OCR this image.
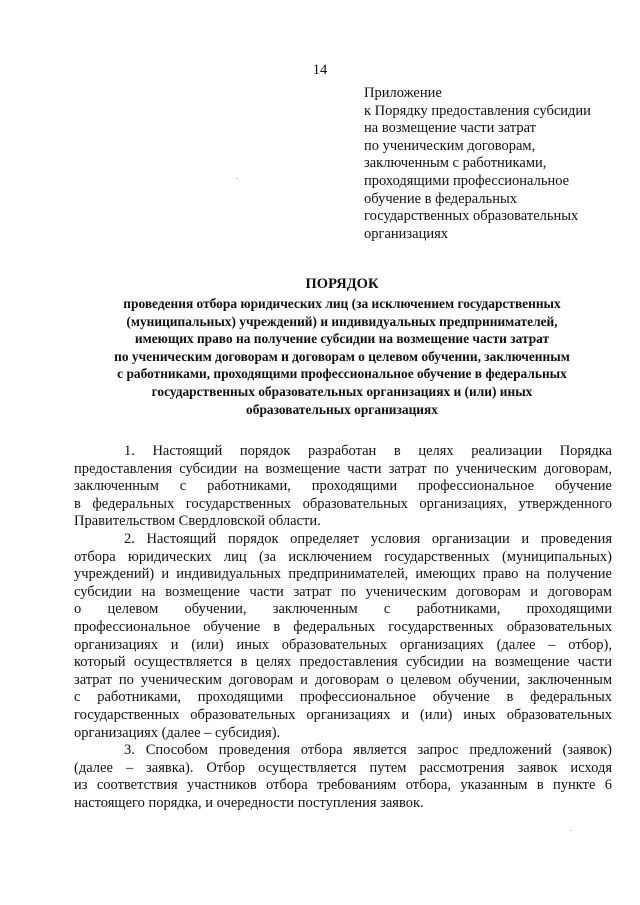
14
Приложение
к Порядку предоставления субсидии
на возмещение части затрат
по ученическим договорам,
заключенным с работниками,
проходящими профессиональное
обучение в федеральных
государственных образовательных
организациях
ПОРЯДОК
проведения отбора юридических лиц (за исключением государственных
(муниципальных) учреждений) и индивидуальных предпринимателей,
имеющих право на получение субсидии на возмещение части затрат
по ученическим договорам и договорам о целевом обучении, заключенным
с работниками, проходящими профессиональное обучение в федеральных
государственных образовательных организациях и (или) иных
образовательных организациях
1. Настоящий порядок разработан в целях реализации Порядка
предоставления субсидии на возмещение части затрат по ученическим договорам,
заключенным с работниками, проходящими профессиональное обучение
в федеральных государственных образовательных организациях, утвержденного
Правительством Свердловской области.
2. Настоящий порядок определяет условия организации и проведения
отбора юридических лиц (за исключением государственных (муниципальных)
учреждений) и индивидуальных предпринимателей, имеющих право на получение
субсидии на возмещение части затрат по ученическим договорам и договорам
о целевом обучении, заключенным с работниками, проходящими
профессиональное обучение в федеральных государственных образовательных
организациях и (или) иных образовательных организациях (далее – отбор),
который осуществляется в целях предоставления субсидии на возмещение части
затрат по ученическим договорам и договорам о целевом обучении, заключенным
с работниками, проходящими профессиональное обучение в федеральных
государственных образовательных организациях и (или) иных образовательных
организациях (далее – субсидия).
3. Способом проведения отбора является запрос предложений (заявок)
(далее – заявка). Отбор осуществляется путем рассмотрения заявок исходя
из соответствия участников отбора требованиям отбора, указанным в пункте 6
настоящего порядка, и очередности поступления заявок.
